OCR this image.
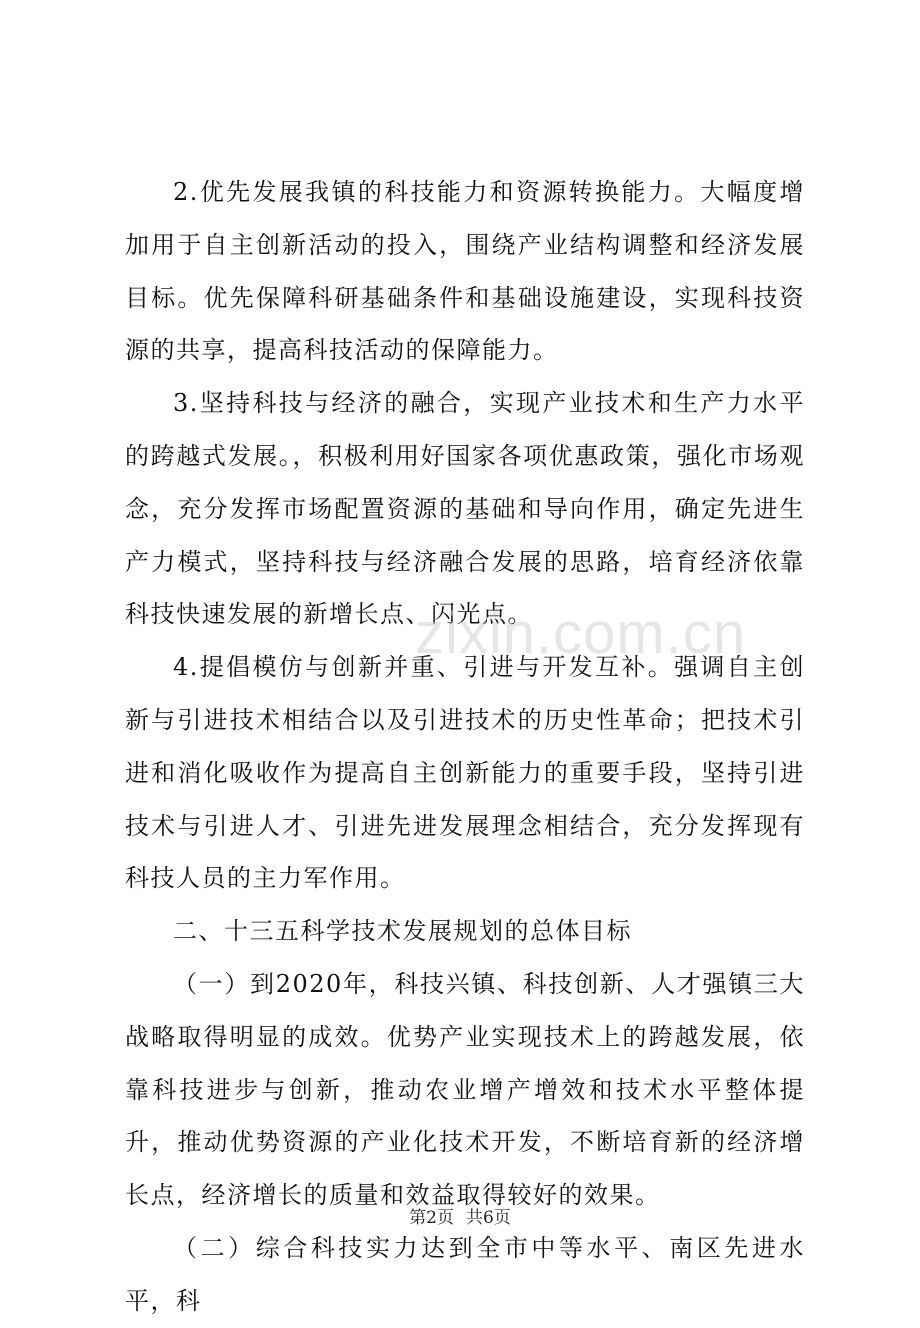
2.优先发展我镇的科技能力和资源转换能力。大幅度增加用于自主创新活动的投入，围绕产业结构调整和经济发展目标。优先保障科研基础条件和基础设施建设，实现科技资源的共享，提高科技活动的保障能力。

3.坚持科技与经济的融合，实现产业技术和生产力水平的跨越式发展。，积极利用好国家各项优惠政策，强化市场观念，充分发挥市场配置资源的基础和导向作用，确定先进生产力模式，坚持科技与经济融合发展的思路，培育经济依靠科技快速发展的新增长点、闪光点。

4.提倡模仿与创新并重、引进与开发互补。强调自主创新与引进技术相结合以及引进技术的历史性革命；把技术引进和消化吸收作为提高自主创新能力的重要手段，坚持引进技术与引进人才、引进先进发展理念相结合，充分发挥现有科技人员的主力军作用。

二、十三五科学技术发展规划的总体目标

（一）到2020年，科技兴镇、科技创新、人才强镇三大战略取得明显的成效。优势产业实现技术上的跨越发展，依靠科技进步与创新，推动农业增产增效和技术水平整体提升，推动优势资源的产业化技术开发，不断培育新的经济增长点，经济增长的质量和效益取得较好的效果。

（二）综合科技实力达到全市中等水平、南区先进水平，科

zixin.com.cn
第2页 共6页
